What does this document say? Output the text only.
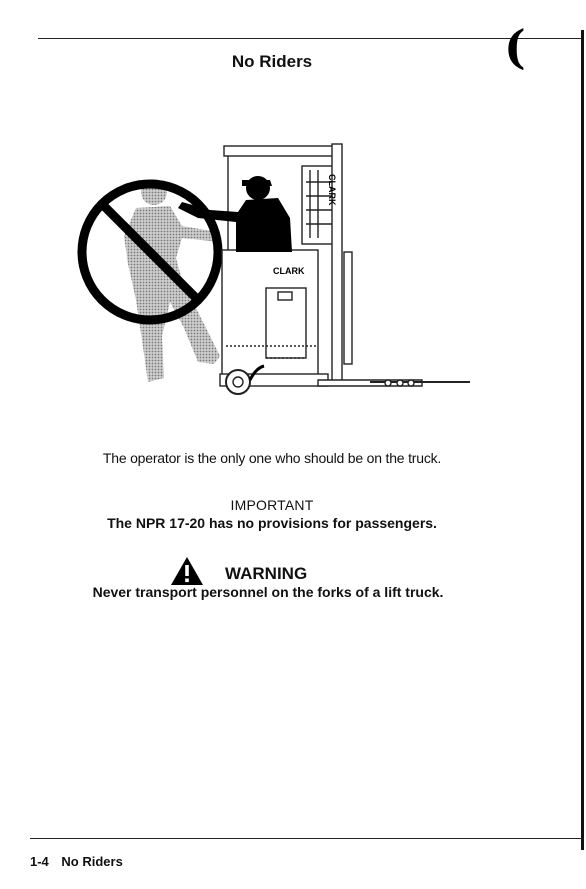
(
No Riders
CLARK
CLARK
The operator is the only one who should be on the truck.
IMPORTANT
The NPR 17-20 has no provisions for passengers.
WARNING
Never transport personnel on the forks of a lift truck.
1-4 No Riders
